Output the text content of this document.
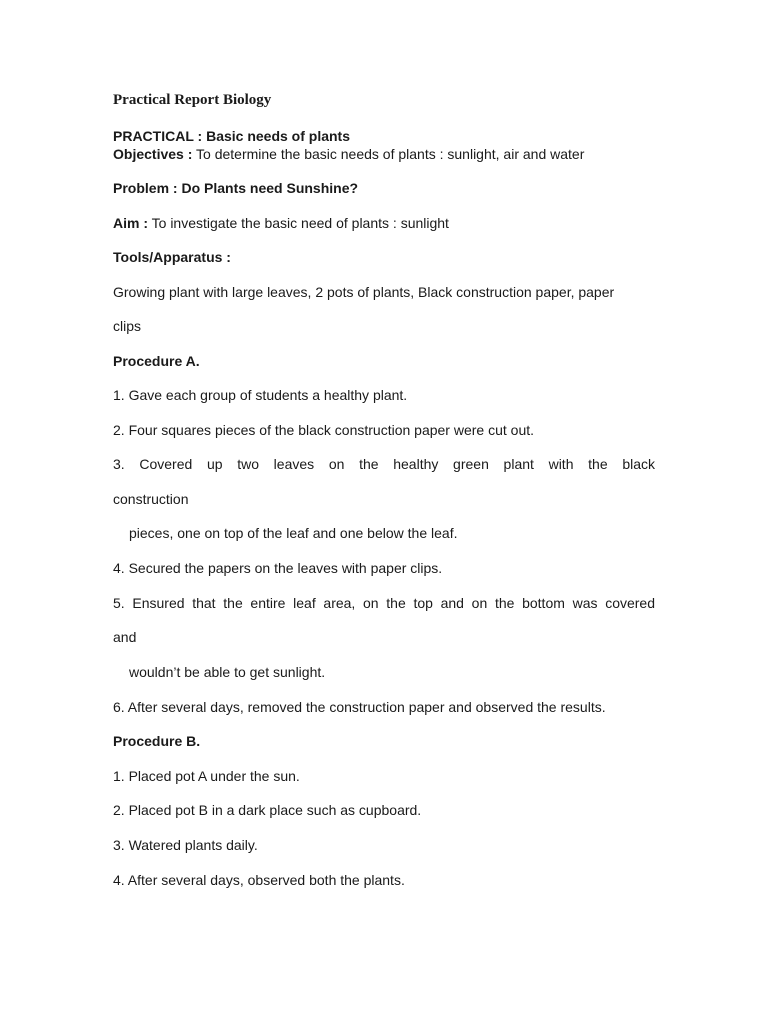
Practical Report Biology
PRACTICAL : Basic needs of plants
Objectives : To determine the basic needs of plants : sunlight, air and water
Problem : Do Plants need Sunshine?
Aim : To investigate the basic need of plants : sunlight
Tools/Apparatus :
Growing plant with large leaves, 2 pots of plants, Black construction paper, paper
clips
Procedure A.
1. Gave each group of students a healthy plant.
2. Four squares pieces of the black construction paper were cut out.
3. Covered up two leaves on the healthy green plant with the black
construction
pieces, one on top of the leaf and one below the leaf.
4. Secured the papers on the leaves with paper clips.
5. Ensured that the entire leaf area, on the top and on the bottom was covered
and
wouldn’t be able to get sunlight.
6. After several days, removed the construction paper and observed the results.
Procedure B.
1. Placed pot A under the sun.
2. Placed pot B in a dark place such as cupboard.
3. Watered plants daily.
4. After several days, observed both the plants.
